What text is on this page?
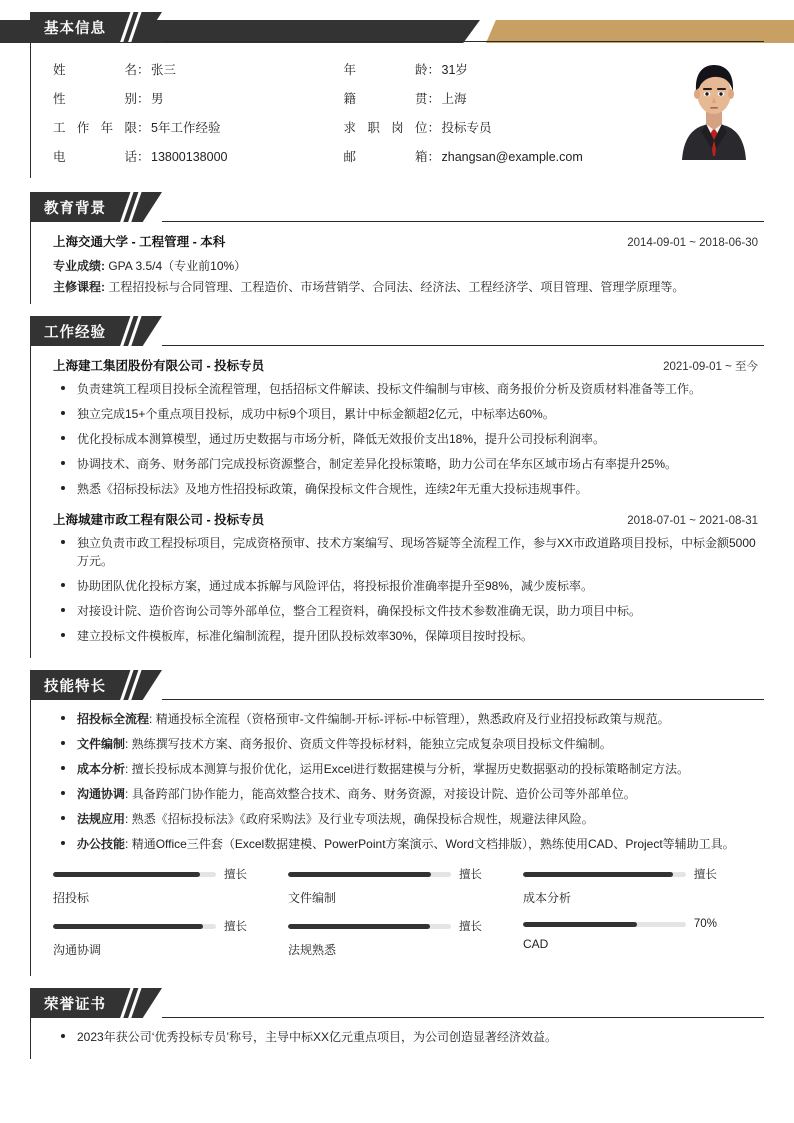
基本信息
姓	名 ： 张三
性	别 ： 男
工 作 年 限 ： 5年工作经验
电	话 ： 13800138000
年	龄 ： 31岁
籍	贯 ： 上海
求 职 岗 位 ： 投标专员
邮	箱 ： zhangsan@example.com
教育背景
上海交通大学 - 工程管理 - 本科	2014-09-01 ~ 2018-06-30
专业成绩: GPA 3.5/4（专业前10%）
主修课程: 工程招投标与合同管理、工程造价、市场营销学、合同法、经济法、工程经济学、项目管理、管理学原理等。
工作经验
上海建工集团股份有限公司 - 投标专员	2021-09-01 ~ 至今
负责建筑工程项目投标全流程管理，包括招标文件解读、投标文件编制与审核、商务报价分析及资质材料准备等工作。
独立完成15+个重点项目投标，成功中标9个项目，累计中标金额超2亿元，中标率达60%。
优化投标成本测算模型，通过历史数据与市场分析，降低无效报价支出18%，提升公司投标利润率。
协调技术、商务、财务部门完成投标资源整合，制定差异化投标策略，助力公司在华东区域市场占有率提升25%。
熟悉《招标投标法》及地方性招投标政策，确保投标文件合规性，连续2年无重大投标违规事件。
上海城建市政工程有限公司 - 投标专员	2018-07-01 ~ 2021-08-31
独立负责市政工程投标项目，完成资格预审、技术方案编写、现场答疑等全流程工作，参与XX市政道路项目投标，中标金额5000万元。
协助团队优化投标方案，通过成本拆解与风险评估，将投标报价准确率提升至98%，减少废标率。
对接设计院、造价咨询公司等外部单位，整合工程资料，确保投标文件技术参数准确无误，助力项目中标。
建立投标文件模板库，标准化编制流程，提升团队投标效率30%，保障项目按时投标。
技能特长
招投标全流程: 精通投标全流程（资格预审-文件编制-开标-评标-中标管理），熟悉政府及行业招投标政策与规范。
文件编制: 熟练撰写技术方案、商务报价、资质文件等投标材料，能独立完成复杂项目投标文件编制。
成本分析: 擅长投标成本测算与报价优化，运用Excel进行数据建模与分析，掌握历史数据驱动的投标策略制定方法。
沟通协调: 具备跨部门协作能力，能高效整合技术、商务、财务资源，对接设计院、造价公司等外部单位。
法规应用: 熟悉《招标投标法》《政府采购法》及行业专项法规，确保投标合规性，规避法律风险。
办公技能: 精通Office三件套（Excel数据建模、PowerPoint方案演示、Word文档排版），熟练使用CAD、Project等辅助工具。
擅长
招投标
擅长
文件编制
擅长
成本分析
擅长
沟通协调
擅长
法规熟悉
70%
CAD
荣誉证书
2023年获公司‘优秀投标专员’称号，主导中标XX亿元重点项目，为公司创造显著经济效益。
